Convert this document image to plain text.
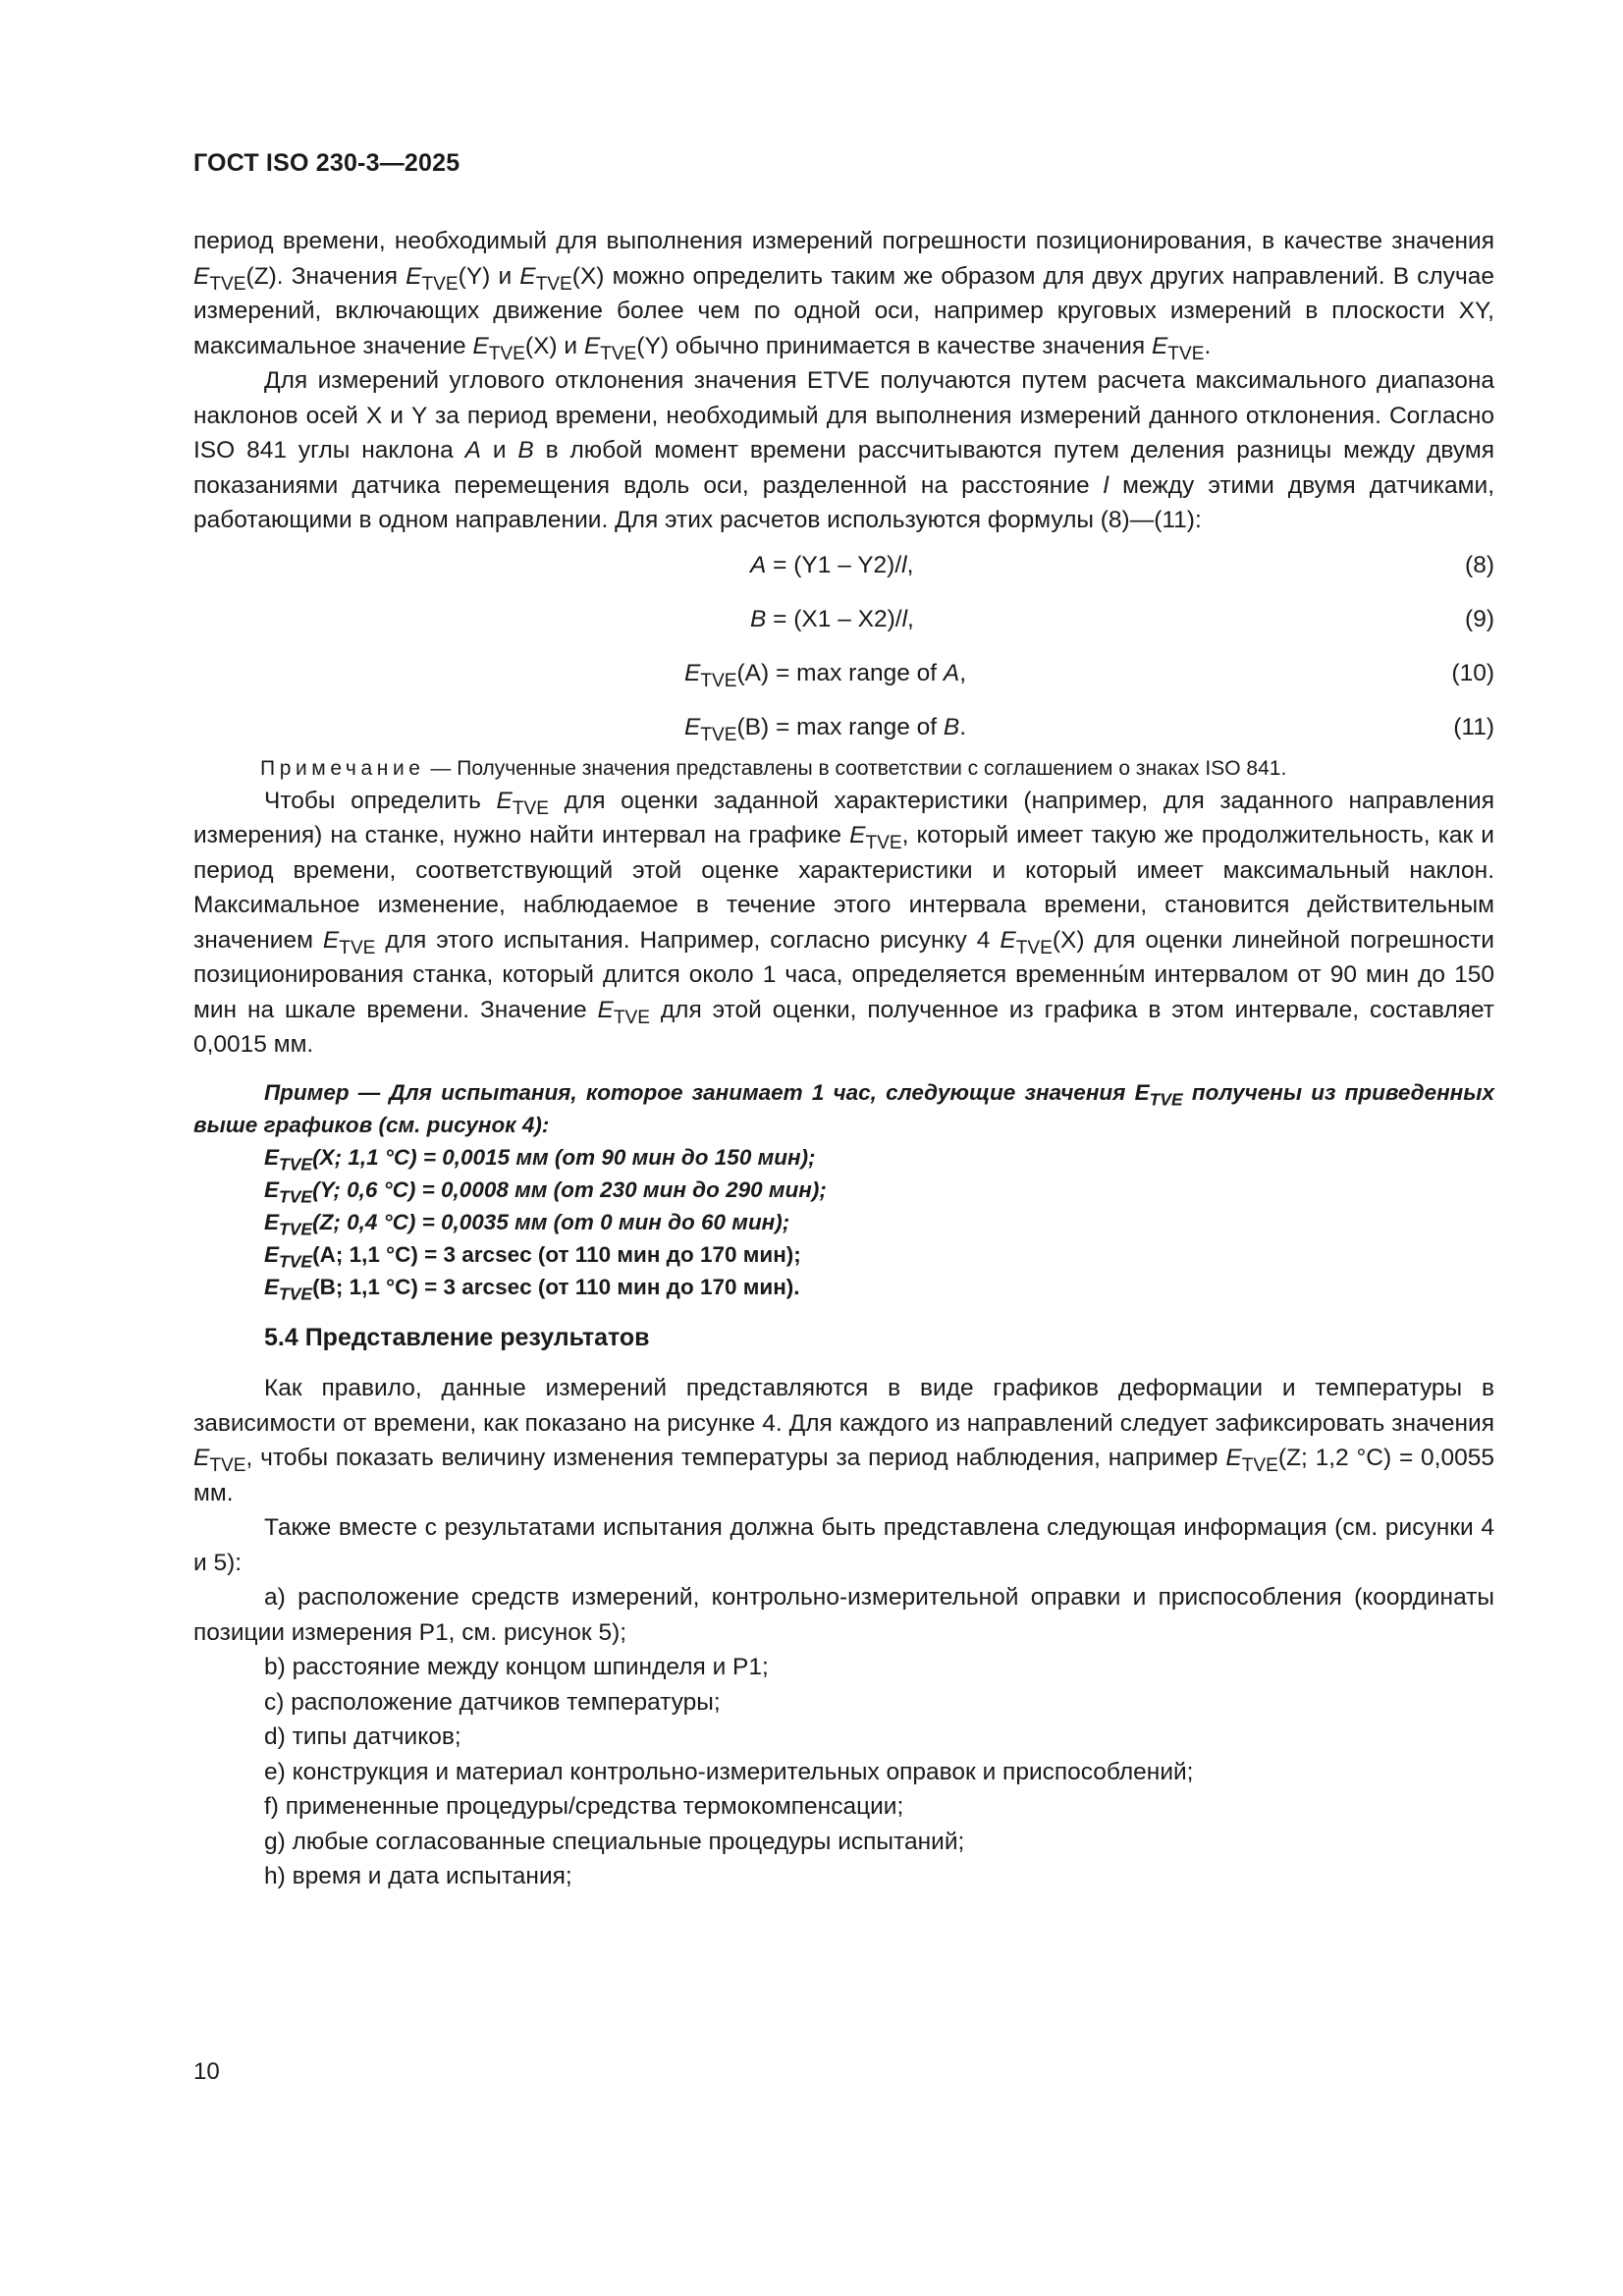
ГОСТ ISO 230-3—2025

период времени, необходимый для выполнения измерений погрешности позиционирования, в качестве значения $E_{TVE}(Z)$. Значения $E_{TVE}(Y)$ и $E_{TVE}(X)$ можно определить таким же образом для двух других направлений. В случае измерений, включающих движение более чем по одной оси, например круговых измерений в плоскости XY, максимальное значение $E_{TVE}(X)$ и $E_{TVE}(Y)$ обычно принимается в качестве значения $E_{TVE}$.

Для измерений углового отклонения значения ETVE получаются путем расчета максимального диапазона наклонов осей X и Y за период времени, необходимый для выполнения измерений данного отклонения. Согласно ISO 841 углы наклона A и B в любой момент времени рассчитываются путем деления разницы между двумя показаниями датчика перемещения вдоль оси, разделенной на расстояние l между этими двумя датчиками, работающими в одном направлении. Для этих расчетов используются формулы (8)—(11):

A = (Y1 – Y2)/l,	(8)
B = (X1 – X2)/l,	(9)
$E_{TVE}(A) = \max$ range of A,	(10)
$E_{TVE}(B) = \max$ range of B.	(11)

Примечание — Полученные значения представлены в соответствии с соглашением о знаках ISO 841.

Чтобы определить $E_{TVE}$ для оценки заданной характеристики (например, для заданного направления измерения) на станке, нужно найти интервал на графике $E_{TVE}$, который имеет такую же продолжительность, как и период времени, соответствующий этой оценке характеристики и который имеет максимальный наклон. Максимальное изменение, наблюдаемое в течение этого интервала времени, становится действительным значением $E_{TVE}$ для этого испытания. Например, согласно рисунку 4 $E_{TVE}(X)$ для оценки линейной погрешности позиционирования станка, который длится около 1 часа, определяется временны́м интервалом от 90 мин до 150 мин на шкале времени. Значение $E_{TVE}$ для этой оценки, полученное из графика в этом интервале, составляет 0,0015 мм.

Пример — Для испытания, которое занимает 1 час, следующие значения $E_{TVE}$ получены из приведенных выше графиков (см. рисунок 4):

$E_{TVE}(X$; 1,1 °C) = 0,0015 мм (от 90 мин до 150 мин);

$E_{TVE}(Y$; 0,6 °C) = 0,0008 мм (от 230 мин до 290 мин);

$E_{TVE}(Z$; 0,4 °C) = 0,0035 мм (от 0 мин до 60 мин);

$E_{TVE}(A$; 1,1 °C) = 3 arcsec (от 110 мин до 170 мин);

$E_{TVE}(B$; 1,1 °C) = 3 arcsec (от 110 мин до 170 мин).

5.4 Представление результатов

Как правило, данные измерений представляются в виде графиков деформации и температуры в зависимости от времени, как показано на рисунке 4. Для каждого из направлений следует зафиксировать значения $E_{TVE}$, чтобы показать величину изменения температуры за период наблюдения, например $E_{TVE}(Z$; 1,2 °C) = 0,0055 мм.

Также вместе с результатами испытания должна быть представлена следующая информация (см. рисунки 4 и 5):

a) расположение средств измерений, контрольно-измерительной оправки и приспособления (координаты позиции измерения P1, см. рисунок 5);

b) расстояние между концом шпинделя и P1;

c) расположение датчиков температуры;

d) типы датчиков;

e) конструкция и материал контрольно-измерительных оправок и приспособлений;

f) примененные процедуры/средства термокомпенсации;

g) любые согласованные специальные процедуры испытаний;

h) время и дата испытания;

10
